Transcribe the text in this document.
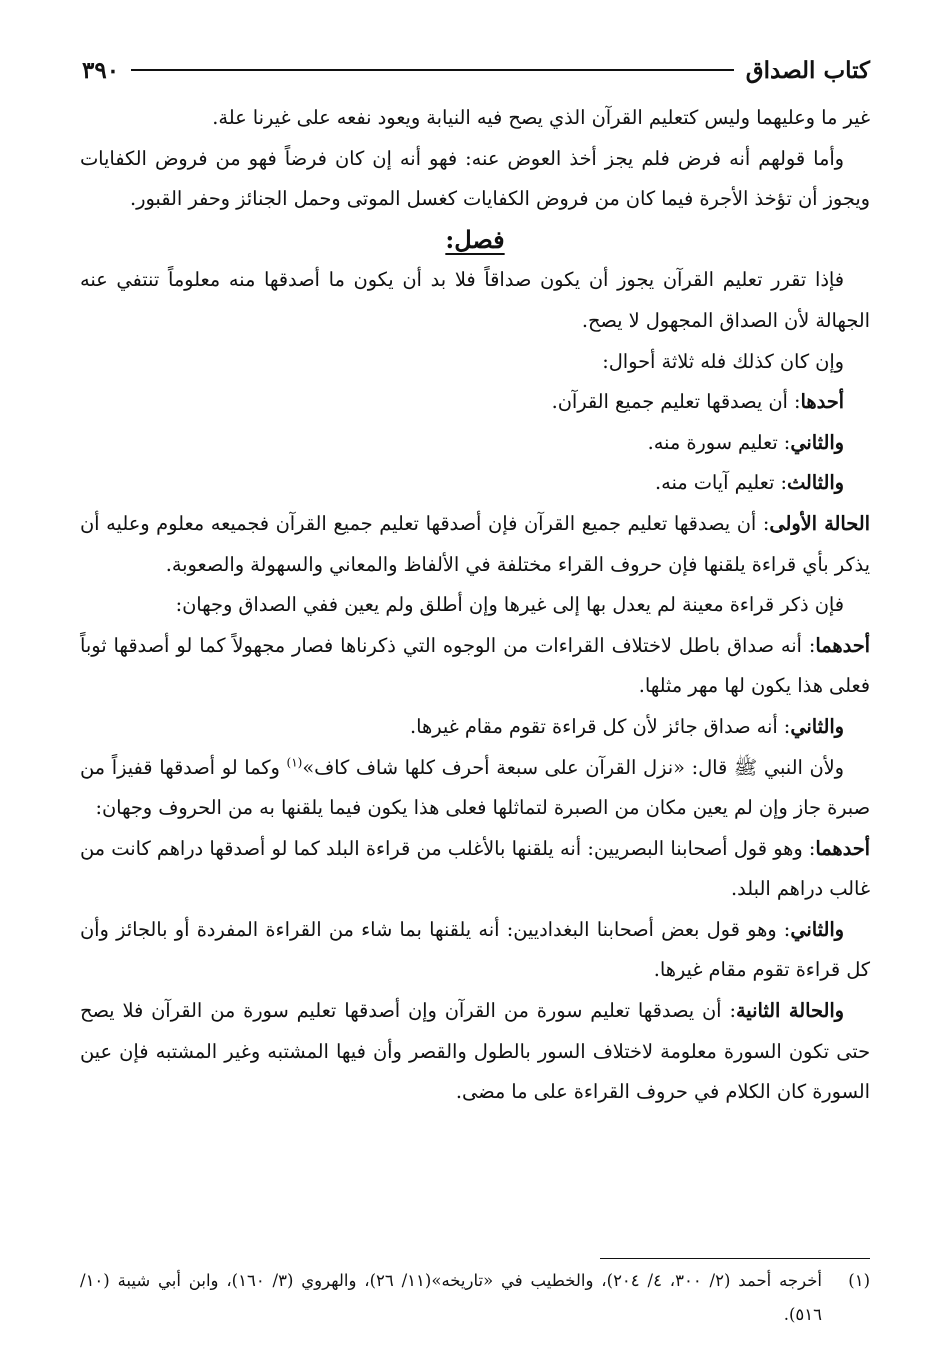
٣٩٠	كتاب الصداق

غير ما وعليهما وليس كتعليم القرآن الذي يصح فيه النيابة ويعود نفعه على غيرنا علة.

وأما قولهم أنه فرض فلم يجز أخذ العوض عنه: فهو أنه إن كان فرضاً فهو من فروض الكفايات ويجوز أن تؤخذ الأجرة فيما كان من فروض الكفايات كغسل الموتى وحمل الجنائز وحفر القبور.

فصل:

فإذا تقرر تعليم القرآن يجوز أن يكون صداقاً فلا بد أن يكون ما أصدقها منه معلوماً تنتفي عنه الجهالة لأن الصداق المجهول لا يصح.

وإن كان كذلك فله ثلاثة أحوال:

أحدها: أن يصدقها تعليم جميع القرآن.

والثاني: تعليم سورة منه.

والثالث: تعليم آيات منه.

الحالة الأولى: أن يصدقها تعليم جميع القرآن فإن أصدقها تعليم جميع القرآن فجميعه معلوم وعليه أن يذكر بأي قراءة يلقنها فإن حروف القراء مختلفة في الألفاظ والمعاني والسهولة والصعوبة.

فإن ذكر قراءة معينة لم يعدل بها إلى غيرها وإن أطلق ولم يعين ففي الصداق وجهان:

أحدهما: أنه صداق باطل لاختلاف القراءات من الوجوه التي ذكرناها فصار مجهولاً كما لو أصدقها ثوباً فعلى هذا يكون لها مهر مثلها.

والثاني: أنه صداق جائز لأن كل قراءة تقوم مقام غيرها.

ولأن النبي ﷺ قال: «نزل القرآن على سبعة أحرف كلها شاف كاف»$^{(١)}$ وكما لو أصدقها قفيزاً من صبرة جاز وإن لم يعين مكان من الصبرة لتماثلها فعلى هذا يكون فيما يلقنها به من الحروف وجهان:

أحدهما: وهو قول أصحابنا البصريين: أنه يلقنها بالأغلب من قراءة البلد كما لو أصدقها دراهم كانت من غالب دراهم البلد.

والثاني: وهو قول بعض أصحابنا البغداديين: أنه يلقنها بما شاء من القراءة المفردة أو بالجائز وأن كل قراءة تقوم مقام غيرها.

والحالة الثانية: أن يصدقها تعليم سورة من القرآن وإن أصدقها تعليم سورة من القرآن فلا يصح حتى تكون السورة معلومة لاختلاف السور بالطول والقصر وأن فيها المشتبه وغير المشتبه فإن عين السورة كان الكلام في حروف القراءة على ما مضى.

(١)
أخرجه أحمد (٢/ ٣٠٠، ٤/ ٢٠٤)، والخطيب في «تاريخه»(١١/ ٢٦)، والهروي (٣/ ١٦٠)، وابن أبي شيبة (١٠/ ٥١٦).
